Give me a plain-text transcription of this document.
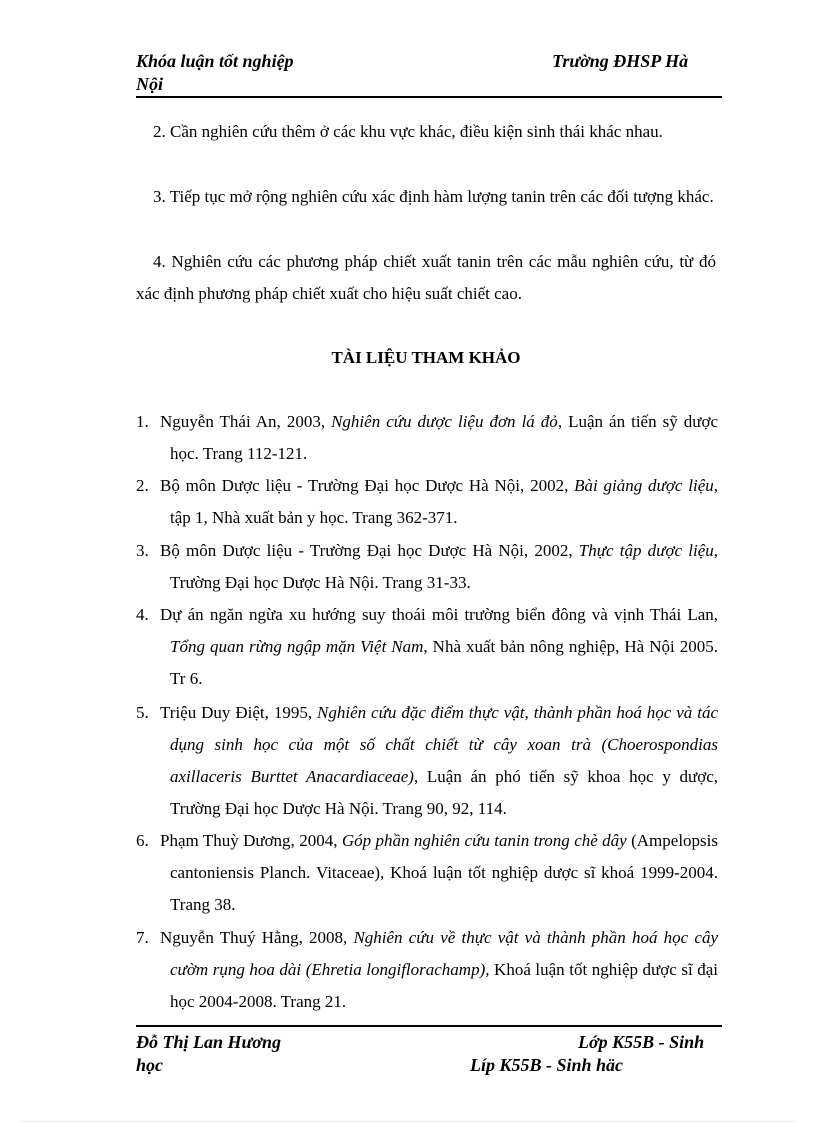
Khóa luận tốt nghiệp	Trường ĐHSP Hà
Nội
2. Cần nghiên cứu thêm ở các khu vực khác, điều kiện sinh thái khác nhau.
3. Tiếp tục mở rộng nghiên cứu xác định hàm lượng tanin trên các đối tượng khác.
4. Nghiên cứu các phương pháp chiết xuất tanin trên các mẫu nghiên cứu, từ đó xác định phương pháp chiết xuất cho hiệu suất chiết cao.
TÀI LIỆU THAM KHẢO
1. Nguyễn Thái An, 2003, Nghiên cứu dược liệu đơn lá đỏ, Luận án tiến sỹ dược học. Trang 112-121.
2. Bộ môn Dược liệu - Trường Đại học Dược Hà Nội, 2002, Bài giảng dược liệu, tập 1, Nhà xuất bản y học. Trang 362-371.
3. Bộ môn Dược liệu - Trường Đại học Dược Hà Nội, 2002, Thực tập dược liệu, Trường Đại học Dược Hà Nội. Trang 31-33.
4. Dự án ngăn ngừa xu hướng suy thoái môi trường biển đông và vịnh Thái Lan, Tổng quan rừng ngập mặn Việt Nam, Nhà xuất bản nông nghiệp, Hà Nội 2005. Tr 6.
5. Triệu Duy Điệt, 1995, Nghiên cứu đặc điểm thực vật, thành phần hoá học và tác dụng sinh học của một số chất chiết từ cây xoan trà (Choerospondias axillaceris Burttet Anacardiaceae), Luận án phó tiến sỹ khoa học y dược, Trường Đại học Dược Hà Nội. Trang 90, 92, 114.
6. Phạm Thuỳ Dương, 2004, Góp phần nghiên cứu tanin trong chè dây (Ampelopsis cantoniensis Planch. Vitaceae), Khoá luận tốt nghiệp dược sĩ khoá 1999-2004. Trang 38.
7. Nguyễn Thuý Hằng, 2008, Nghiên cứu về thực vật và thành phần hoá học cây cườm rụng hoa dài (Ehretia longiflorachamp), Khoá luận tốt nghiệp dược sĩ đại học 2004-2008. Trang 21.
Đỗ Thị Lan Hương	Lớp K55B - Sinh
học	Líp K55B - Sinh häc
